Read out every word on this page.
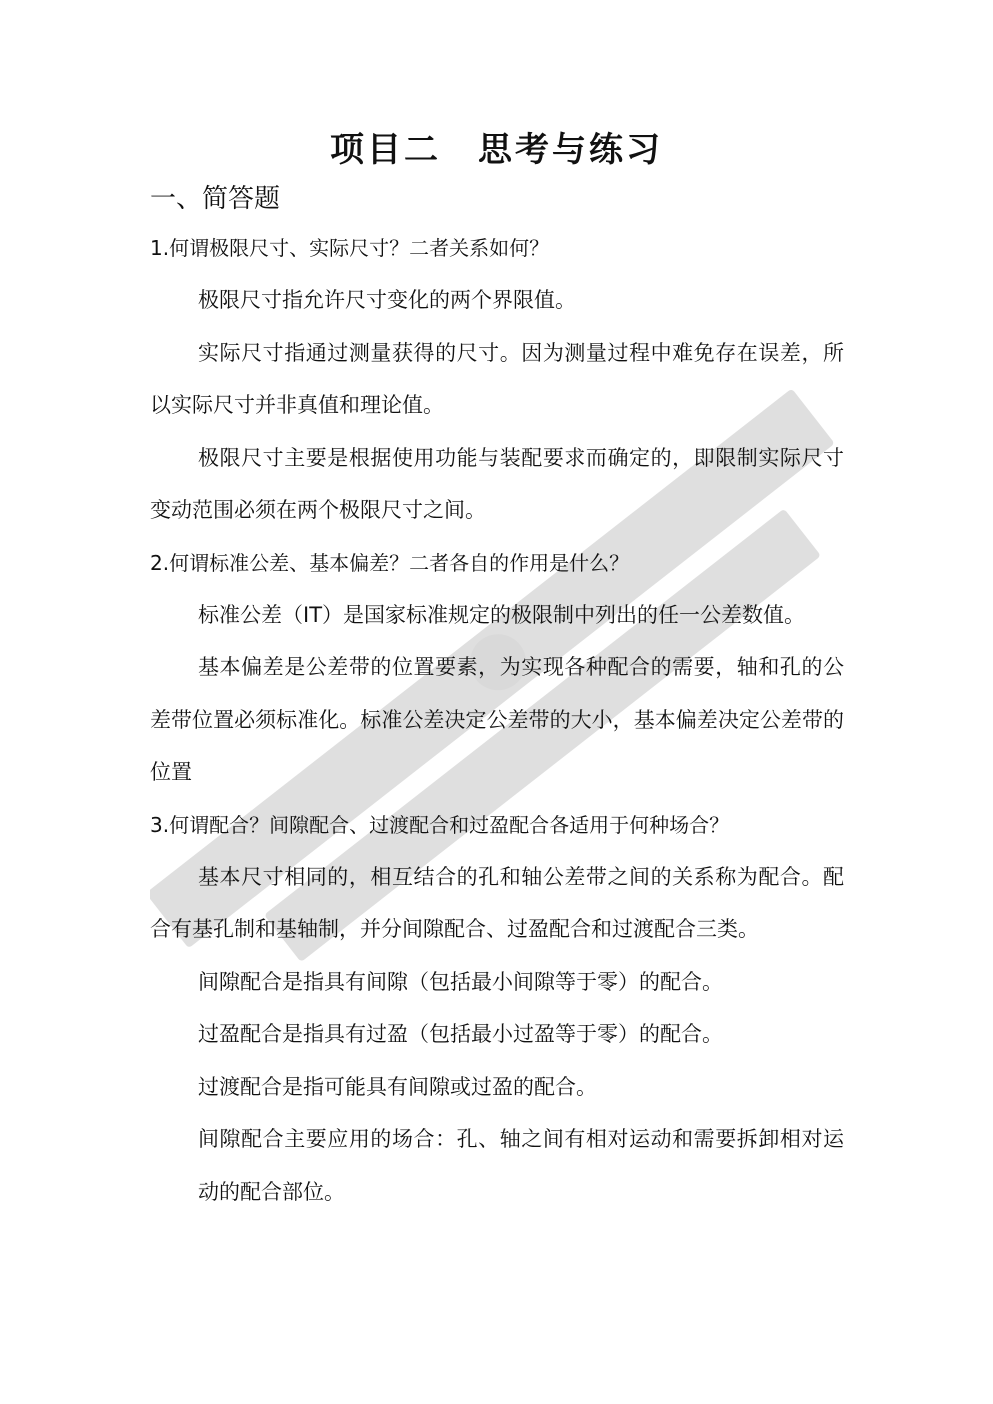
项目二　思考与练习
一、简答题

1.何谓极限尺寸、实际尺寸？二者关系如何？

极限尺寸指允许尺寸变化的两个界限值。

实际尺寸指通过测量获得的尺寸。因为测量过程中难免存在误差，所以实际尺寸并非真值和理论值。

极限尺寸主要是根据使用功能与装配要求而确定的，即限制实际尺寸变动范围必须在两个极限尺寸之间。

2.何谓标准公差、基本偏差？二者各自的作用是什么？

标准公差（IT）是国家标准规定的极限制中列出的任一公差数值。

基本偏差是公差带的位置要素，为实现各种配合的需要，轴和孔的公差带位置必须标准化。标准公差决定公差带的大小，基本偏差决定公差带的位置

3.何谓配合？间隙配合、过渡配合和过盈配合各适用于何种场合？

基本尺寸相同的，相互结合的孔和轴公差带之间的关系称为配合。配合有基孔制和基轴制，并分间隙配合、过盈配合和过渡配合三类。

间隙配合是指具有间隙（包括最小间隙等于零）的配合。

过盈配合是指具有过盈（包括最小过盈等于零）的配合。

过渡配合是指可能具有间隙或过盈的配合。

间隙配合主要应用的场合：孔、轴之间有相对运动和需要拆卸相对运动的配合部位。
